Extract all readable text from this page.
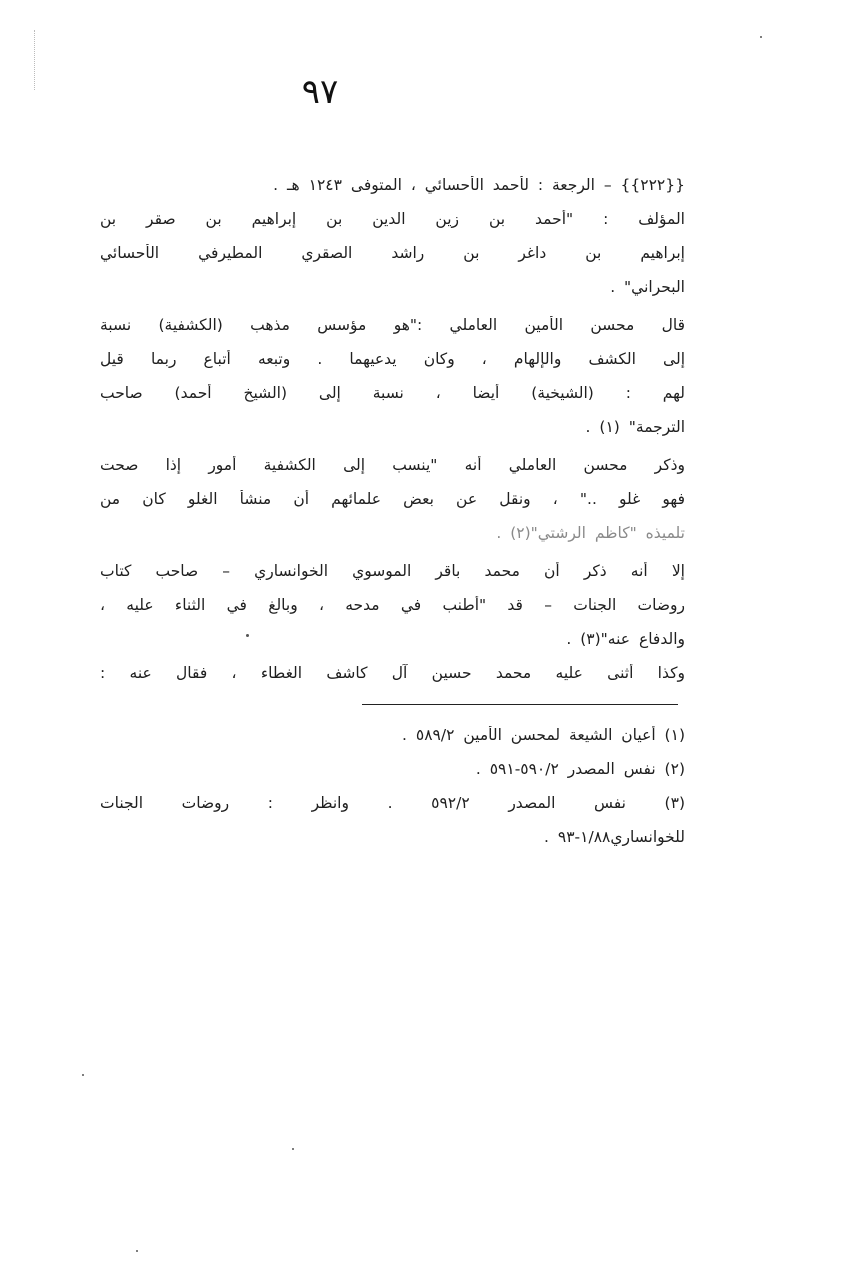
٩٧
{{٢٢٢}} – الرجعة : لأحمد الأحسائي ، المتوفى ١٢٤٣ هـ .
المؤلف : "أحمد بن زين الدين بن إبراهيم بن صقر بن
إبراهيم بن داغر بن راشد الصقري المطيرفي الأحسائي
البحراني" .
قال محسن الأمين العاملي :"هو مؤسس مذهب (الكشفية) نسبة
إلى الكشف والإلهام ، وكان يدعيهما . وتبعه أتباع ربما قيل
لهم : (الشيخية) أيضا ، نسبة إلى (الشيخ أحمد) صاحب
الترجمة" (١) .
وذكر محسن العاملي أنه "ينسب إلى الكشفية أمور إذا صحت
فهو غلو .." ، ونقل عن بعض علمائهم أن منشأ الغلو كان من
تلميذه "كاظم الرشتي"(٢) .
إلا أنه ذكر أن محمد باقر الموسوي الخوانساري – صاحب كتاب
روضات الجنات – قد "أطنب في مدحه ، وبالغ في الثناء عليه ،
والدفاع عنه"(٣) .
وكذا أثنى عليه محمد حسين آل كاشف الغطاء ، فقال عنه :
(١) أعيان الشيعة لمحسن الأمين ٥٨٩/٢ .
(٢) نفس المصدر ٥٩٠/٢-٥٩١ .
(٣) نفس المصدر ٥٩٢/٢ . وانظر : روضات الجنات
للخوانساري١/٨٨-٩٣ .
